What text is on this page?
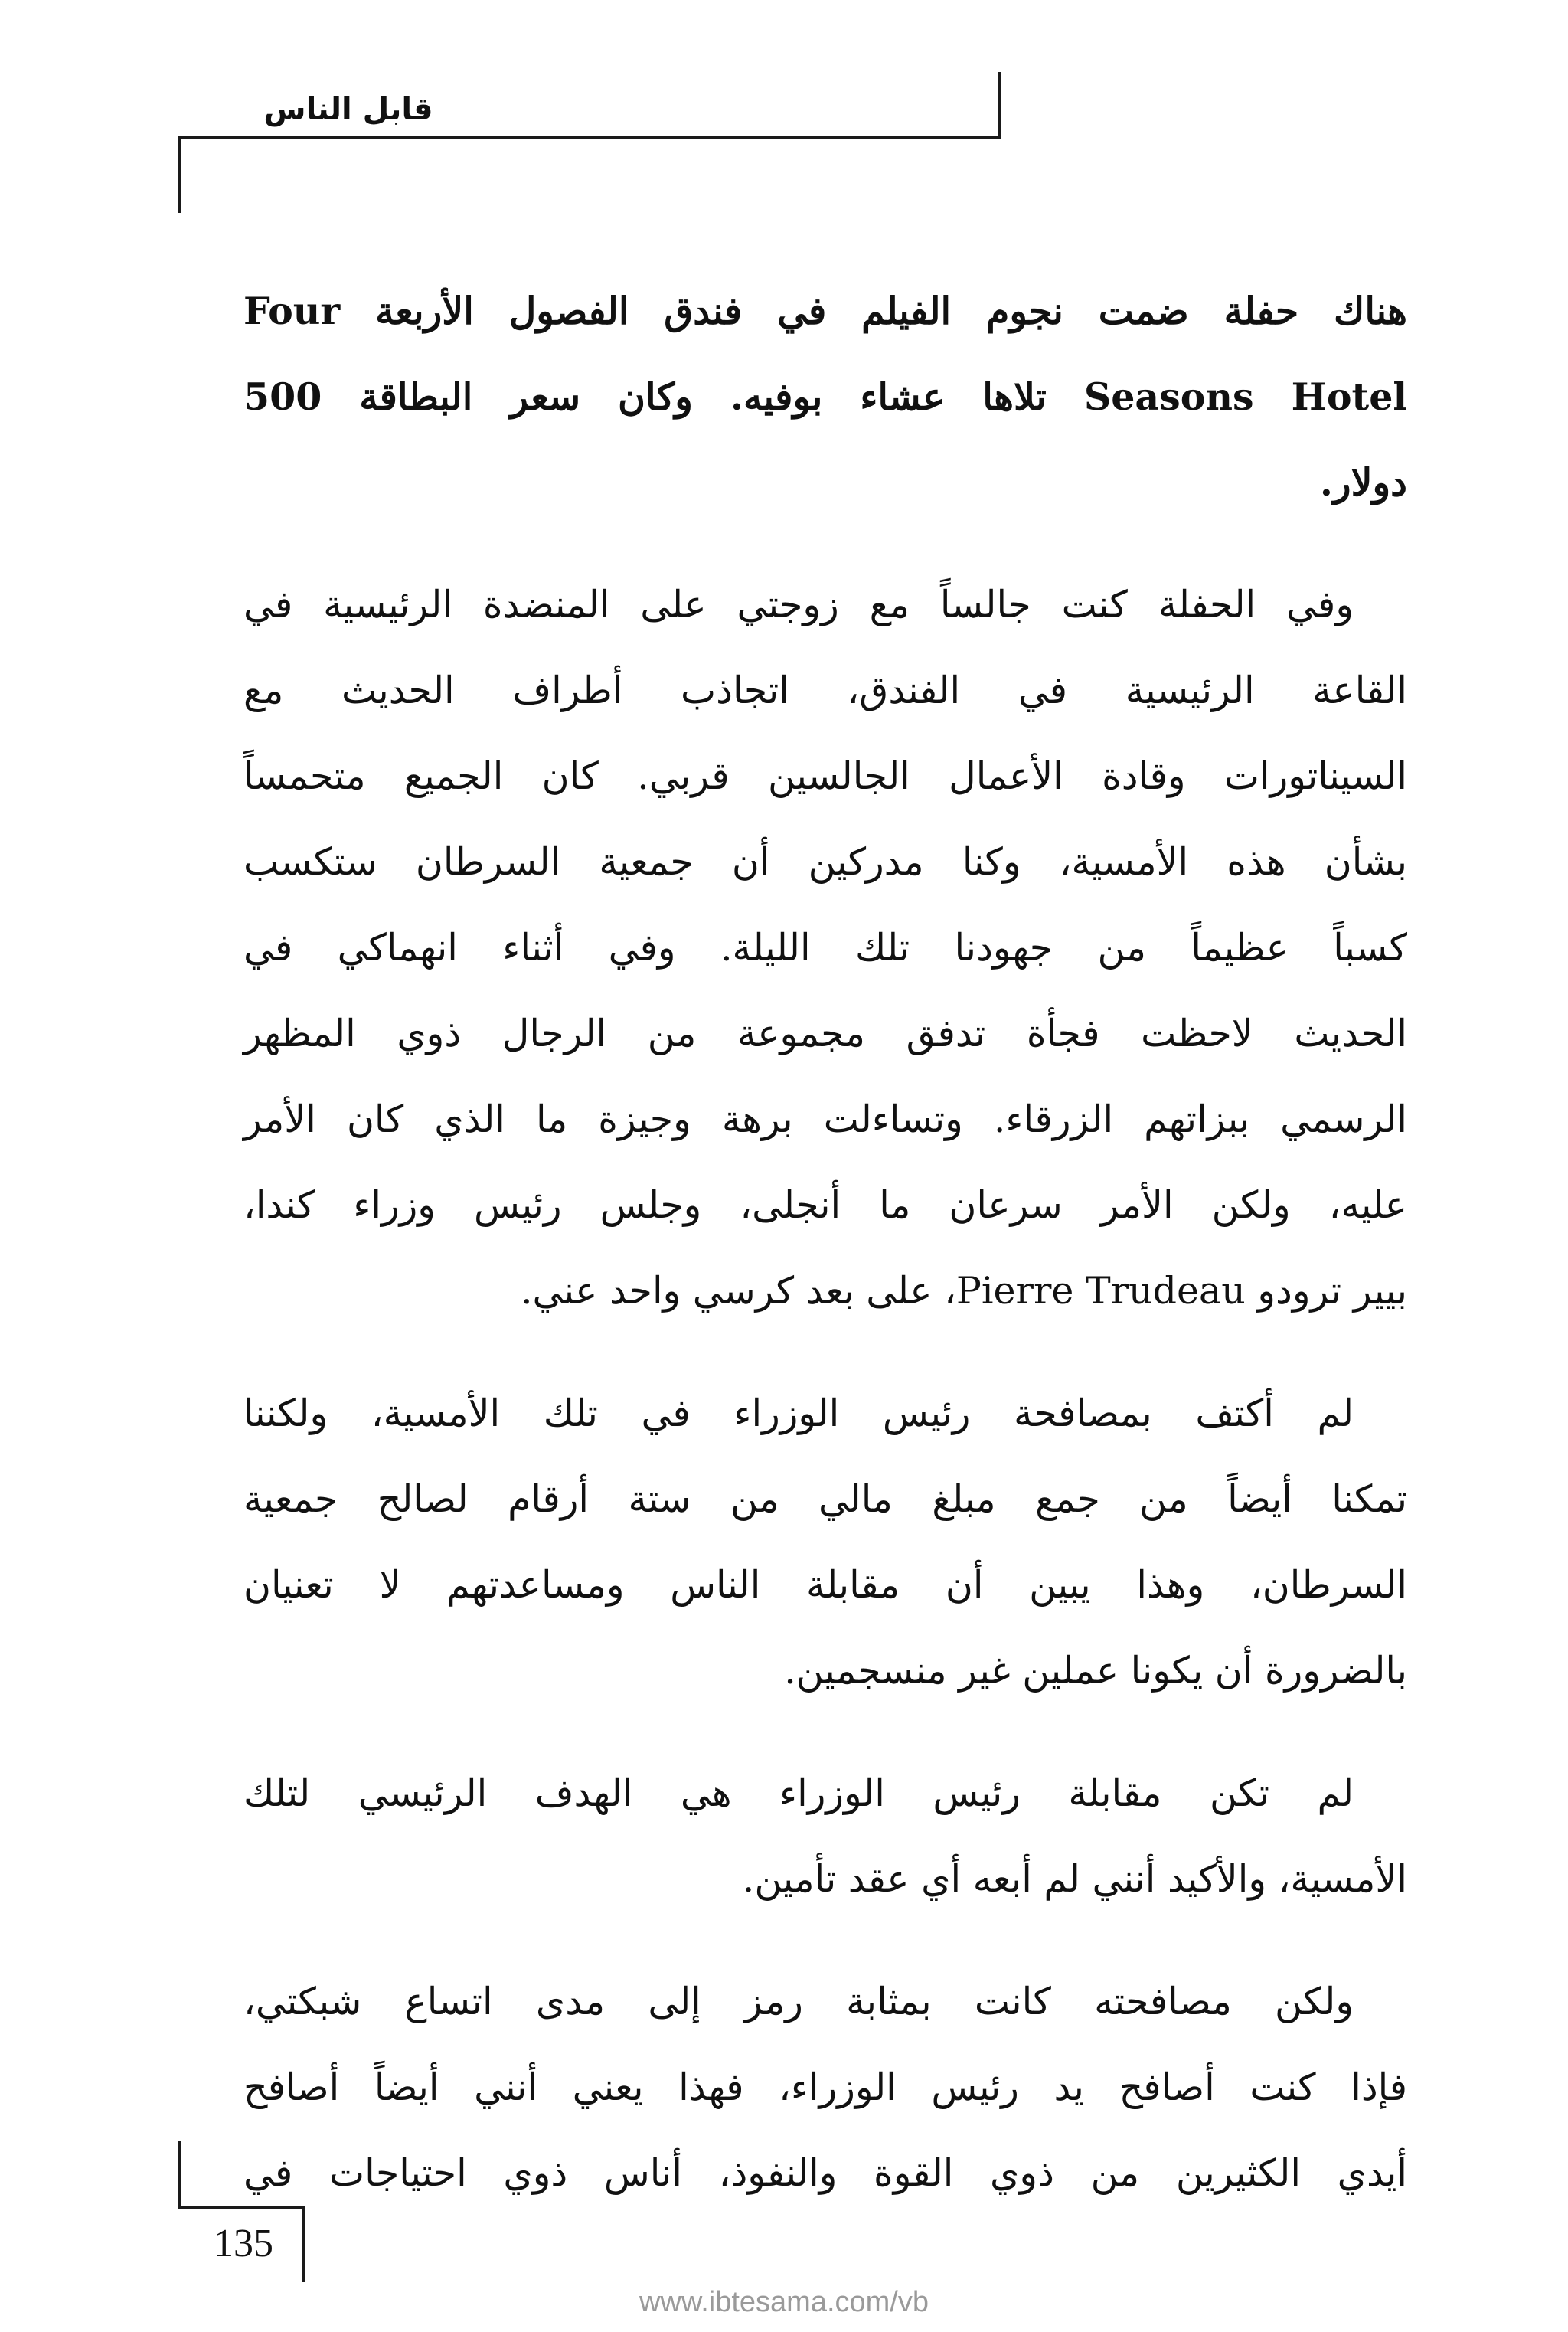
قابل الناس
هناك حفلة ضمت نجوم الفيلم في فندق الفصول الأربعة Four
Seasons Hotel تلاها عشاء بوفيه. وكان سعر البطاقة 500
دولار.
وفي الحفلة كنت جالساً مع زوجتي على المنضدة الرئيسية في
القاعة الرئيسية في الفندق، اتجاذب أطراف الحديث مع
السيناتورات وقادة الأعمال الجالسين قربي. كان الجميع متحمساً
بشأن هذه الأمسية، وكنا مدركين أن جمعية السرطان ستكسب
كسباً عظيماً من جهودنا تلك الليلة. وفي أثناء انهماكي في
الحديث لاحظت فجأة تدفق مجموعة من الرجال ذوي المظهر
الرسمي ببزاتهم الزرقاء. وتساءلت برهة وجيزة ما الذي كان الأمر
عليه، ولكن الأمر سرعان ما أنجلى، وجلس رئيس وزراء كندا،
بيير ترودو Pierre Trudeau، على بعد كرسي واحد عني.
لم أكتف بمصافحة رئيس الوزراء في تلك الأمسية، ولكننا
تمكنا أيضاً من جمع مبلغ مالي من ستة أرقام لصالح جمعية
السرطان، وهذا يبين أن مقابلة الناس ومساعدتهم لا تعنيان
بالضرورة أن يكونا عملين غير منسجمين.
لم تكن مقابلة رئيس الوزراء هي الهدف الرئيسي لتلك
الأمسية، والأكيد أنني لم أبعه أي عقد تأمين.
ولكن مصافحته كانت بمثابة رمز إلى مدى اتساع شبكتي،
فإذا كنت أصافح يد رئيس الوزراء، فهذا يعني أنني أيضاً أصافح
أيدي الكثيرين من ذوي القوة والنفوذ، أناس ذوي احتياجات في
135
www.ibtesama.com/vb
